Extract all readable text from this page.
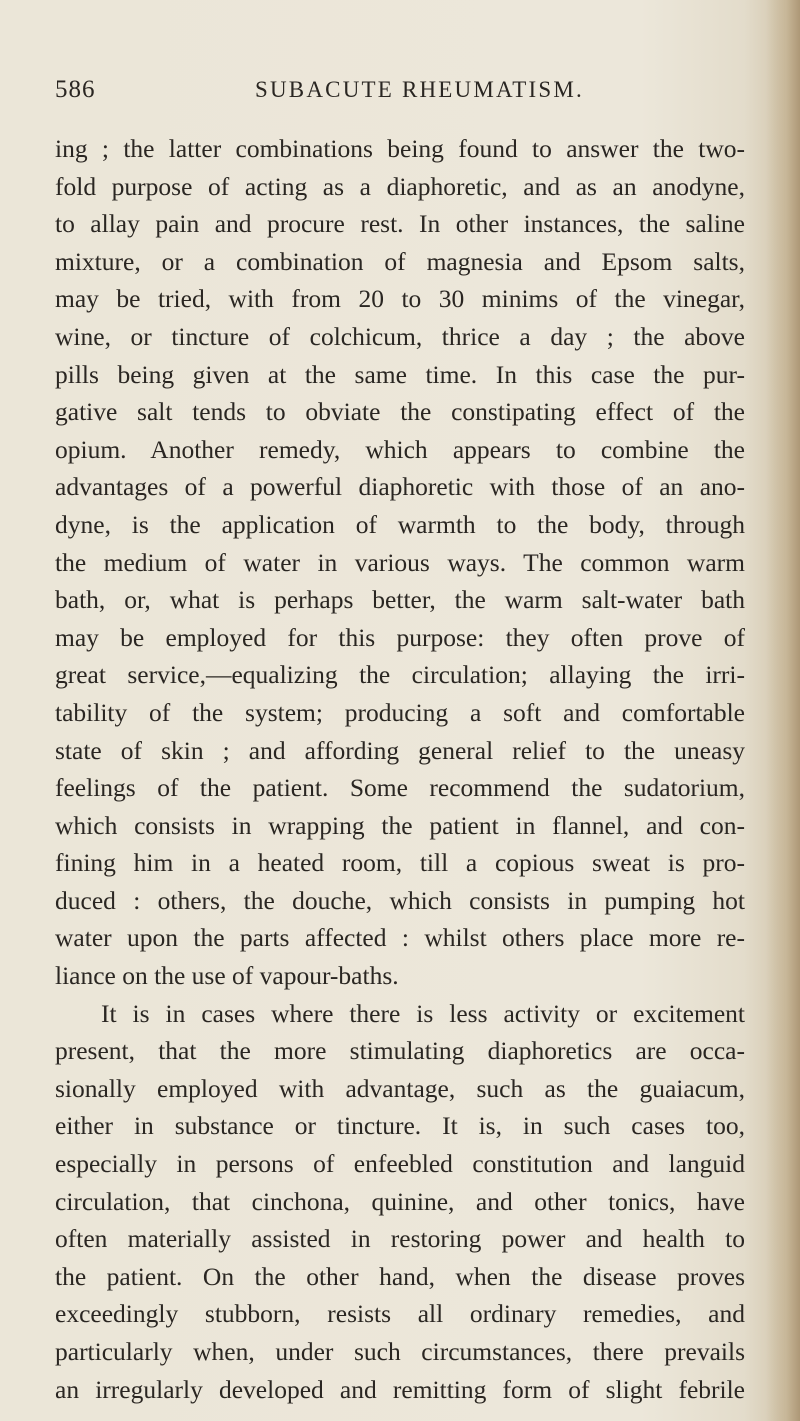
586	SUBACUTE RHEUMATISM.
ing ; the latter combinations being found to answer the two-
fold purpose of acting as a diaphoretic, and as an anodyne,
to allay pain and procure rest. In other instances, the saline
mixture, or a combination of magnesia and Epsom salts,
may be tried, with from 20 to 30 minims of the vinegar,
wine, or tincture of colchicum, thrice a day ; the above
pills being given at the same time. In this case the pur-
gative salt tends to obviate the constipating effect of the
opium. Another remedy, which appears to combine the
advantages of a powerful diaphoretic with those of an ano-
dyne, is the application of warmth to the body, through
the medium of water in various ways. The common warm
bath, or, what is perhaps better, the warm salt-water bath
may be employed for this purpose: they often prove of
great service,—equalizing the circulation; allaying the irri-
tability of the system; producing a soft and comfortable
state of skin ; and affording general relief to the uneasy
feelings of the patient. Some recommend the sudatorium,
which consists in wrapping the patient in flannel, and con-
fining him in a heated room, till a copious sweat is pro-
duced : others, the douche, which consists in pumping hot
water upon the parts affected : whilst others place more re-
liance on the use of vapour-baths.
It is in cases where there is less activity or excitement
present, that the more stimulating diaphoretics are occa-
sionally employed with advantage, such as the guaiacum,
either in substance or tincture. It is, in such cases too,
especially in persons of enfeebled constitution and languid
circulation, that cinchona, quinine, and other tonics, have
often materially assisted in restoring power and health to
the patient. On the other hand, when the disease proves
exceedingly stubborn, resists all ordinary remedies, and
particularly when, under such circumstances, there prevails
an irregularly developed and remitting form of slight febrile
